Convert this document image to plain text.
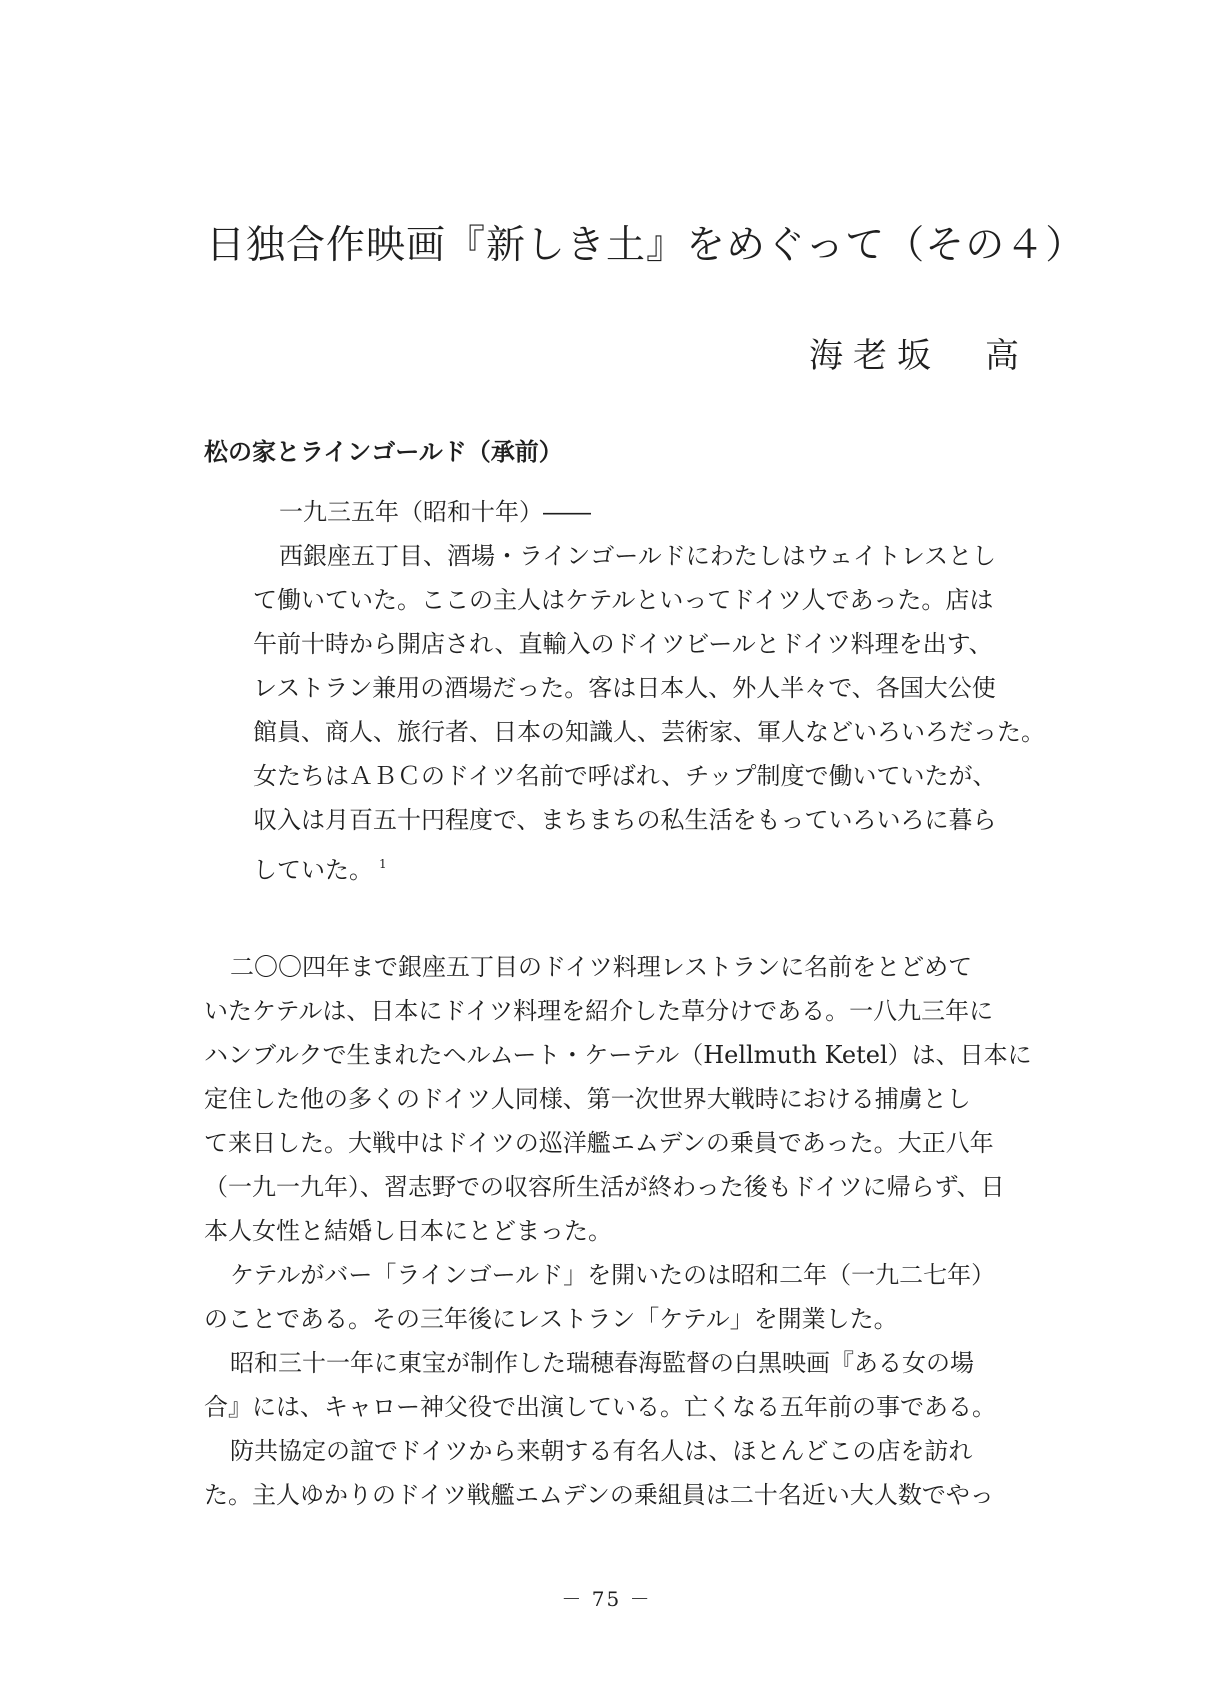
日独合作映画『新しき土』をめぐって（その４）
海老坂　高
松の家とラインゴールド（承前）
一九三五年（昭和十年）――
西銀座五丁目、酒場・ラインゴールドにわたしはウェイトレスとし
て働いていた。ここの主人はケテルといってドイツ人であった。店は
午前十時から開店され、直輸入のドイツビールとドイツ料理を出す、
レストラン兼用の酒場だった。客は日本人、外人半々で、各国大公使
館員、商人、旅行者、日本の知識人、芸術家、軍人などいろいろだった。
女たちはＡＢＣのドイツ名前で呼ばれ、チップ制度で働いていたが、
収入は月百五十円程度で、まちまちの私生活をもっていろいろに暮ら
していた。 $^1$
二〇〇四年まで銀座五丁目のドイツ料理レストランに名前をとどめて
いたケテルは、日本にドイツ料理を紹介した草分けである。一八九三年に
ハンブルクで生まれたヘルムート・ケーテル（Hellmuth Ketel）は、日本に
定住した他の多くのドイツ人同様、第一次世界大戦時における捕虜とし
て来日した。大戦中はドイツの巡洋艦エムデンの乗員であった。大正八年
（一九一九年）、習志野での収容所生活が終わった後もドイツに帰らず、日
本人女性と結婚し日本にとどまった。
ケテルがバー「ラインゴールド」を開いたのは昭和二年（一九二七年）
のことである。その三年後にレストラン「ケテル」を開業した。
昭和三十一年に東宝が制作した瑞穂春海監督の白黒映画『ある女の場
合』には、キャロー神父役で出演している。亡くなる五年前の事である。
防共協定の誼でドイツから来朝する有名人は、ほとんどこの店を訪れ
た。主人ゆかりのドイツ戦艦エムデンの乗組員は二十名近い大人数でやっ
－ 75 －
